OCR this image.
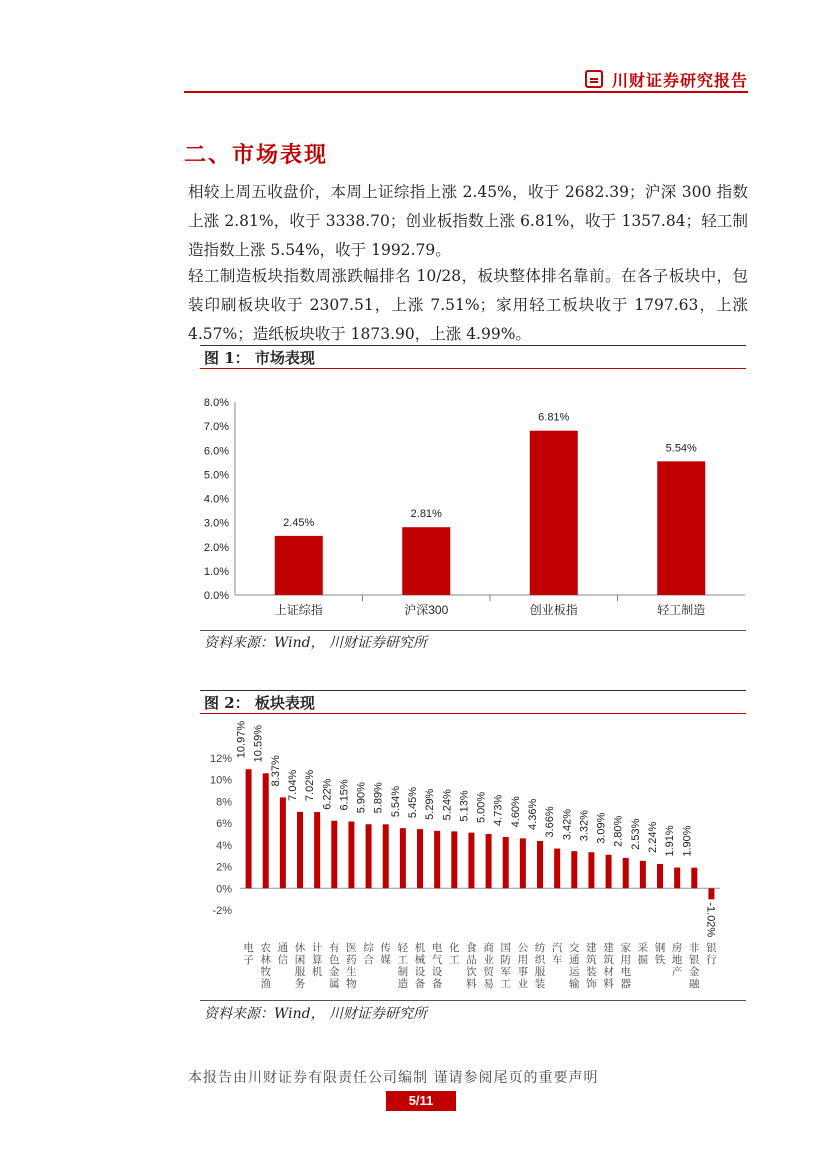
川财证券研究报告
二、市场表现
相较上周五收盘价，本周上证综指上涨 2.45%，收于 2682.39；沪深 300 指数上涨 2.81%，收于 3338.70；创业板指数上涨 6.81%，收于 1357.84；轻工制造指数上涨 5.54%，收于 1992.79。
轻工制造板块指数周涨跌幅排名 10/28，板块整体排名靠前。在各子板块中，包装印刷板块收于 2307.51，上涨 7.51%；家用轻工板块收于 1797.63，上涨 4.57%；造纸板块收于 1873.90，上涨 4.99%。
图 1： 市场表现
0.0%
1.0%
2.0%
3.0%
4.0%
5.0%
6.0%
7.0%
8.0%
2.45%
上证综指
2.81%
沪深300
6.81%
创业板指
5.54%
轻工制造
资料来源：Wind， 川财证券研究所
图 2： 板块表现
-2%
0%
2%
4%
6%
8%
10%
12%
10.97%
电子
10.59%
农林牧渔
8.37%
通信
7.04%
休闲服务
7.02%
计算机
6.22%
有色金属
6.15%
医药生物
5.90%
综合
5.89%
传媒
5.54%
轻工制造
5.45%
机械设备
5.29%
电气设备
5.24%
化工
5.13%
食品饮料
5.00%
商业贸易
4.73%
国防军工
4.60%
公用事业
4.36%
纺织服装
3.66%
汽车
3.42%
交通运输
3.32%
建筑装饰
3.09%
建筑材料
2.80%
家用电器
2.53%
采掘
2.24%
钢铁
1.91%
房地产
1.90%
非银金融
-1.02%
银行
资料来源：Wind， 川财证券研究所
本报告由川财证券有限责任公司编制 谨请参阅尾页的重要声明
5/11
